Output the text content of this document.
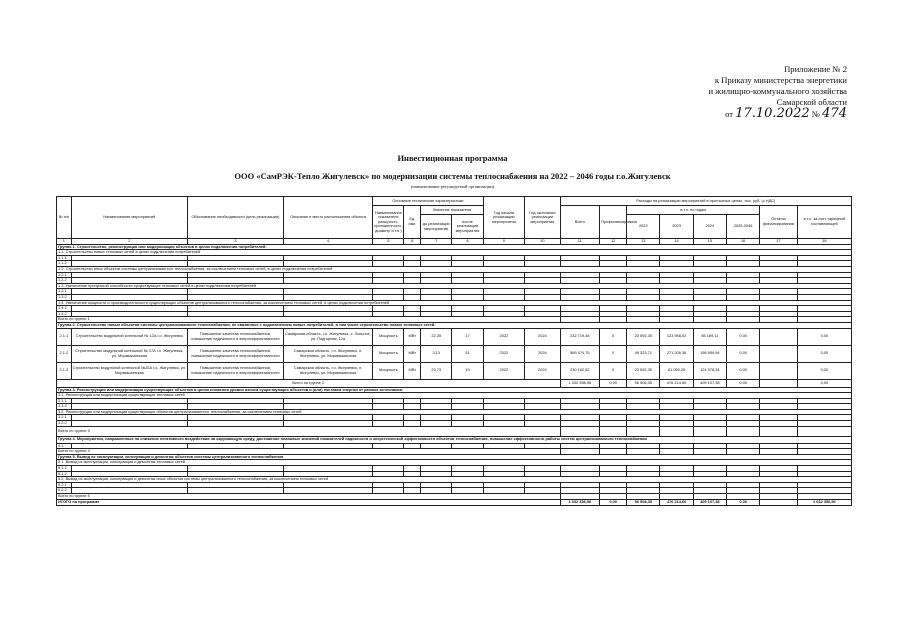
Приложение № 2
к Приказу министерства энергетики
и жилищно-коммунального хозяйства
Самарской области
от 17.10.2022 № 474
Инвестиционная программа
ООО «СамРЭК-Тепло Жигулевск» по модернизации системы теплоснабжения на 2022 – 2046 годы г.о.Жигулевск
(наименование регулируемой организации)
№ п/п	Наименование мероприятий	Обоснование необходимости (цель реализации)	Описание и место расположения объекта	Основные технические характеристики				Год начала реализации мероприятия	Год окончания реализации мероприятия	Расходы на реализацию мероприятий в прогнозных ценах, тыс. руб. (с НДС)							
				Наименование показателя (мощность, протяженность, диаметр и т.п.)	Ед. изм.	Значение показателя				Всего	Профинансировано	в т.ч. по годам				Остаток финансирования	в т.ч. за счет тарифной составляющей
						до реализации мероприятия	после реализации мероприятия					2022	2023	2024	2025-2046		
1	2	3	4	5	6	7	8	9	10	11	12	13	14	15	16	17	18
Группа 1. Строительство, реконструкция или модернизация объектов в целях подключения потребителей:																	
1.1. Строительство новых тепловых сетей в целях подключения потребителей																	
1.1.1																	
1.1.2																	
1.2. Строительство иных объектов системы централизованного теплоснабжения, за исключением тепловых сетей, в целях подключения потребителей																	
1.2.1																	
1.2.2																	
1.3. Увеличение пропускной способности существующих тепловых сетей в целях подключения потребителей																	
1.3.1																	
1.3.2																	
1.4. Увеличение мощности и производительности существующих объектов централизованного теплоснабжения, за исключением тепловых сетей, в целях подключения потребителей																	
1.4.1																	
1.4.2																	
Всего по группе 1																	
Группа 2. Строительство новых объектов системы централизованного теплоснабжения, не связанных с подключением новых потребителей, в том числе строительство новых тепловых сетей:																	
2.1.1	Строительство модульной котельной № 12А г.о. Жигулевск	Повышение качества теплоснабжения, повышение надежности и энергоэффективности	Самарская область, г.о. Жигулевск, с. Зольное, ул. Подгорная, 12а	Мощность	МВт	22,35	17	2022	2024	232 719,48	0	23 592,35	123 958,02	85 169,11	0,00		0,00
2.1.2	Строительство модульной котельной № 17А г.о. Жигулевск, ул. Морквашинская	Повышение качества теплоснабжения, повышение надежности и энергоэффективности	Самарская область, г.о. Жигулевск, п. Жигулевск, ул. Морквашинская	Мощность	МВт	3,13	31	2022	2024	569 474,76	0	49 323,71	271 206,36	198 959,94	0,00		0,00
2.1.3	Строительство модульной котельной №25А г.о. Жигулевск, ул. Морквашинская	Повышение качества теплоснабжения, повышение надежности и энергоэффективности	Самарская область, г.о. Жигулевск, п. Жигулевск, ул. Морквашинская	Мощность	МВт	29,73	19	2022	2024	230 162,52	0	23 592,35	81 050,25	124 978,34	0,00		0,00
Всего по группе 2										1 032 356,96	0,00	96 508,35	476 214,60	409 107,38	0,00		0,00
Группа 3. Реконструкция или модернизация существующих объектов в целях снижения уровня износа существующих объектов и (или) поставки энергии от разных источников:																	
3.1. Реконструкция или модернизация существующих тепловых сетей																	
3.1.1																	
3.1.2																	
3.2. Реконструкция или модернизация существующих объектов централизованного теплоснабжения, за исключением тепловых сетей																	
3.2.1																	
3.2.2																	
Всего по группе 3																	
Группа 4. Мероприятия, направленные на снижение негативного воздействия на окружающую среду, достижение плановых значений показателей надежности и энергетической эффективности объектов теплоснабжения, повышение эффективности работы систем централизованного теплоснабжения																	
4.1																	
Всего по группе 4																	
Группа 5. Вывод из эксплуатации, консервация и демонтаж объектов системы централизованного теплоснабжения																	
5.1. Вывод из эксплуатации, консервация и демонтаж тепловых сетей																	
5.1.1																	
5.1.2																	
5.2. Вывод из эксплуатации, консервация и демонтаж иных объектов системы централизованного теплоснабжения, за исключением тепловых сетей																	
5.2.1																	
5.2.2																	
Всего по группе 5																	
ИТОГО по программе										1 032 356,96	0,00	96 508,35	476 214,60	409 107,38	0,00		1 032 356,96
